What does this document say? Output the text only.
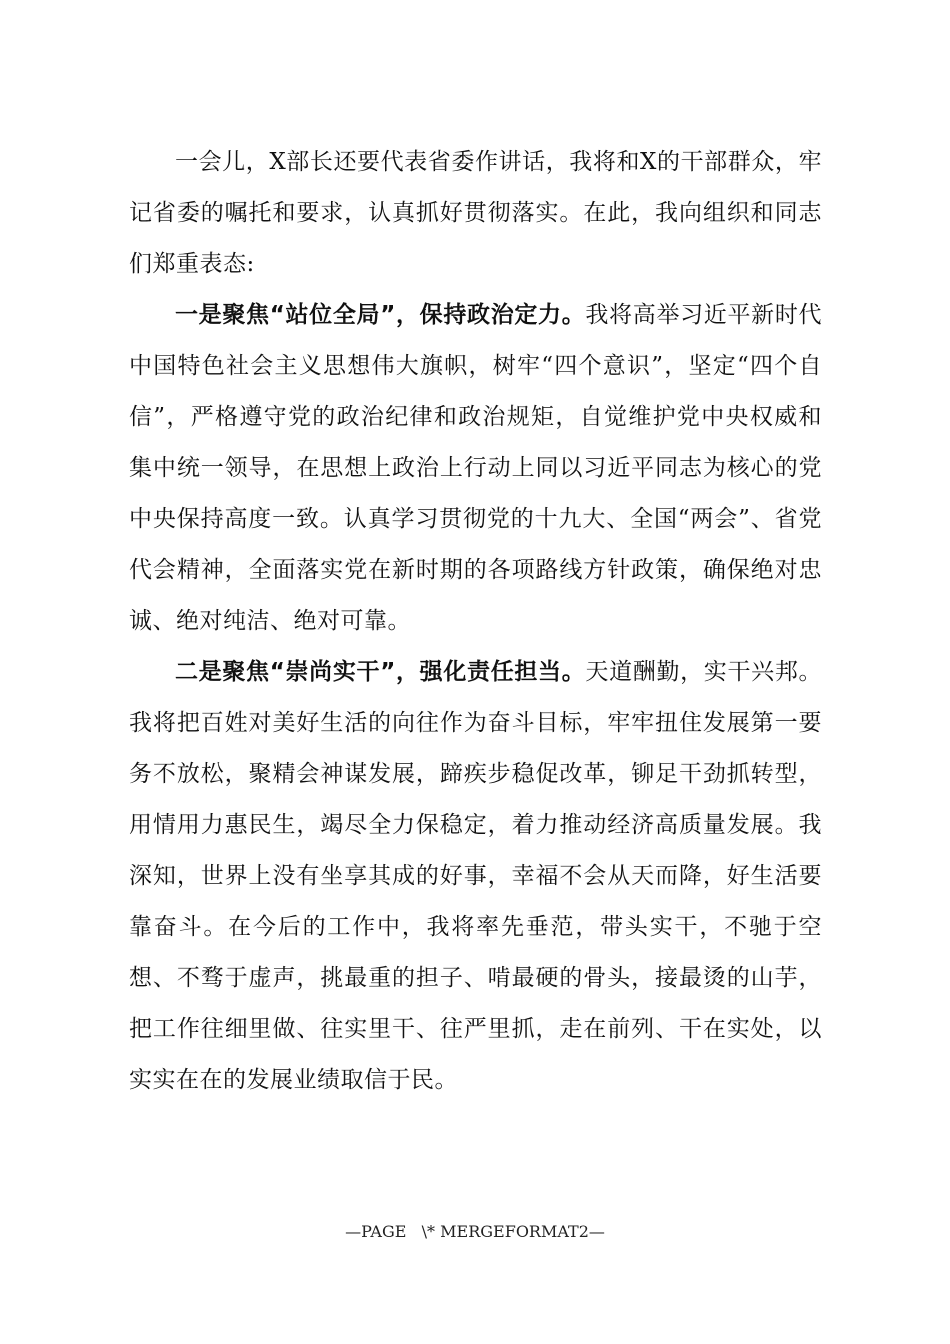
一会儿，X部长还要代表省委作讲话，我将和X的干部群众，牢记省委的嘱托和要求，认真抓好贯彻落实。在此，我向组织和同志们郑重表态:

一是聚焦“站位全局”，保持政治定力。我将高举习近平新时代中国特色社会主义思想伟大旗帜，树牢“四个意识”，坚定“四个自信”，严格遵守党的政治纪律和政治规矩，自觉维护党中央权威和集中统一领导，在思想上政治上行动上同以习近平同志为核心的党中央保持高度一致。认真学习贯彻党的十九大、全国“两会”、省党代会精神，全面落实党在新时期的各项路线方针政策，确保绝对忠诚、绝对纯洁、绝对可靠。

二是聚焦“崇尚实干”，强化责任担当。天道酬勤，实干兴邦。我将把百姓对美好生活的向往作为奋斗目标，牢牢扭住发展第一要务不放松，聚精会神谋发展，蹄疾步稳促改革，铆足干劲抓转型，用情用力惠民生，竭尽全力保稳定，着力推动经济高质量发展。我深知，世界上没有坐享其成的好事，幸福不会从天而降，好生活要靠奋斗。在今后的工作中，我将率先垂范，带头实干，不驰于空想、不骛于虚声，挑最重的担子、啃最硬的骨头，接最烫的山芋，把工作往细里做、往实里干、往严里抓，走在前列、干在实处，以实实在在的发展业绩取信于民。

—PAGE   \* MERGEFORMAT2—
